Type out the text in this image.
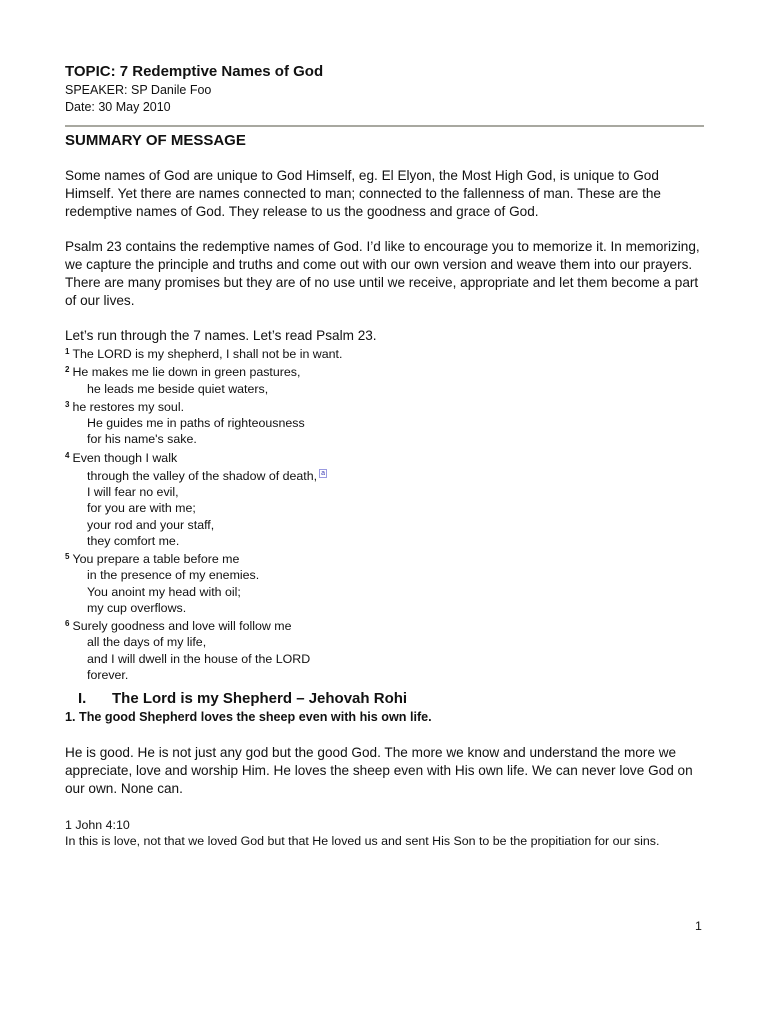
TOPIC: 7 Redemptive Names of God
SPEAKER: SP Danile Foo
Date: 30 May 2010
SUMMARY OF MESSAGE
Some names of God are unique to God Himself, eg. El Elyon, the Most High God, is unique to God Himself. Yet there are names connected to man; connected to the fallenness of man. These are the redemptive names of God. They release to us the goodness and grace of God.
Psalm 23 contains the redemptive names of God. I’d like to encourage you to memorize it. In memorizing, we capture the principle and truths and come out with our own version and weave them into our prayers. There are many promises but they are of no use until we receive, appropriate and let them become a part of our lives.
Let’s run through the 7 names. Let’s read Psalm 23.
$^1$ The LORD is my shepherd, I shall not be in want.
$^2$ He makes me lie down in green pastures,
he leads me beside quiet waters,
$^3$ he restores my soul.
He guides me in paths of righteousness
for his name's sake.
$^4$ Even though I walk
through the valley of the shadow of death, $^a$
I will fear no evil,
for you are with me;
your rod and your staff,
they comfort me.
$^5$ You prepare a table before me
in the presence of my enemies.
You anoint my head with oil;
my cup overflows.
$^6$ Surely goodness and love will follow me
all the days of my life,
and I will dwell in the house of the LORD
forever.
I. The Lord is my Shepherd – Jehovah Rohi
1. The good Shepherd loves the sheep even with his own life.
He is good. He is not just any god but the good God. The more we know and understand the more we appreciate, love and worship Him. He loves the sheep even with His own life. We can never love God on our own. None can.
1 John 4:10
In this is love, not that we loved God but that He loved us and sent His Son to be the propitiation for our sins.
1
